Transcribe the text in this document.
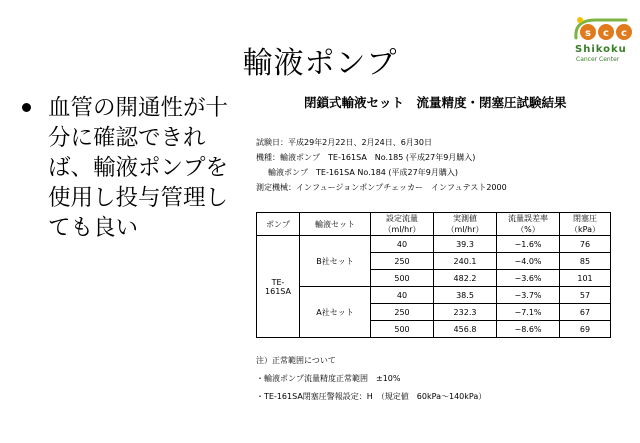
輸液ポンプ
s c c
Shikoku
Cancer Center
血管の開通性が十分に確認できれば、輸液ポンプを使用し投与管理しても良い
閉鎖式輸液セット　流量精度・閉塞圧試験結果
試験日：平成29年2月22日、2月24日、6月30日
機種：輸液ポンプ　TE-161SA　No.185 (平成27年9月購入)
輸液ポンプ　TE-161SA No.184 (平成27年9月購入)
測定機械：インフュージョンポンプチェッカー　インフュテスト2000
ポンプ	輸液セット	設定流量（ml/hr）	実測値（ml/hr）	流量誤差率（%）	閉塞圧（kPa）
TE-161SA	B社セット	40	39.3	−1.6%	76
		250	240.1	−4.0%	85
		500	482.2	−3.6%	101
	A社セット	40	38.5	−3.7%	57
		250	232.3	−7.1%	67
		500	456.8	−8.6%	69
注）正常範囲について
・輸液ポンプ流量精度正常範囲　±10%
・TE-161SA閉塞圧警報設定：H　（規定値　60kPa〜140kPa）
